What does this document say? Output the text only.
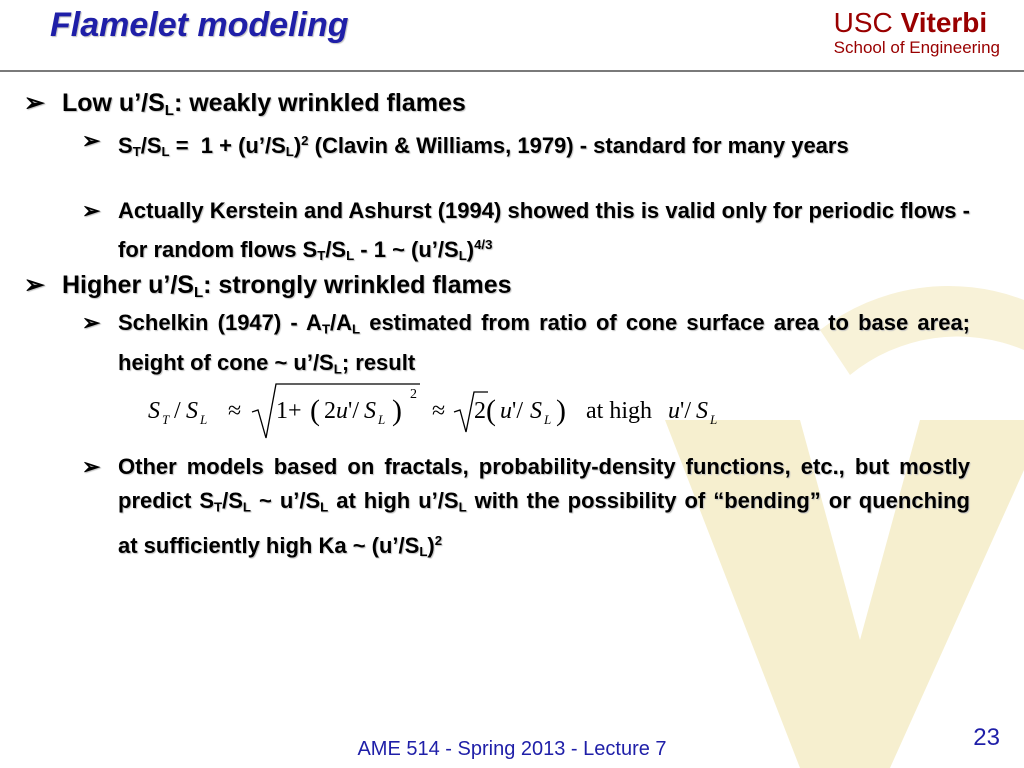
Flamelet modeling	USC Viterbi
School of Engineering
➢ Low $u’/S_L$: weakly wrinkled flames
➢ $S_T/S_L = 1$ + $(u’/S_L)^2$ (Clavin & Williams, 1979) - standard for many years
➢ Actually Kerstein and Ashurst (1994) showed this is valid only for periodic flows - for random flows $S_T/S_L - 1$ ~ $(u’/S_L)^{4/3}$
➢ Higher $u’/S_L$: strongly wrinkled flames
➢ Schelkin $(1947) - A_T/A_L$ estimated from ratio of cone surface area to base area; height of cone ~ $u’/S_L$; result
S T / S L ≈ 1+ ( 2 u '/ S L ) 2
≈ 2 ( u '/ S L ) at high u '/ S L
➢ Other models based on fractals, probability-density functions, etc., but mostly predict $S_T/S_L$ ~ $u’/S_L$ at high $u’/S_L$ with the possibility of “bending” or quenching at sufficiently high Ka ~ $(u’/S_L)^2$
AME 514 - Spring 2013 - Lecture 7	23
